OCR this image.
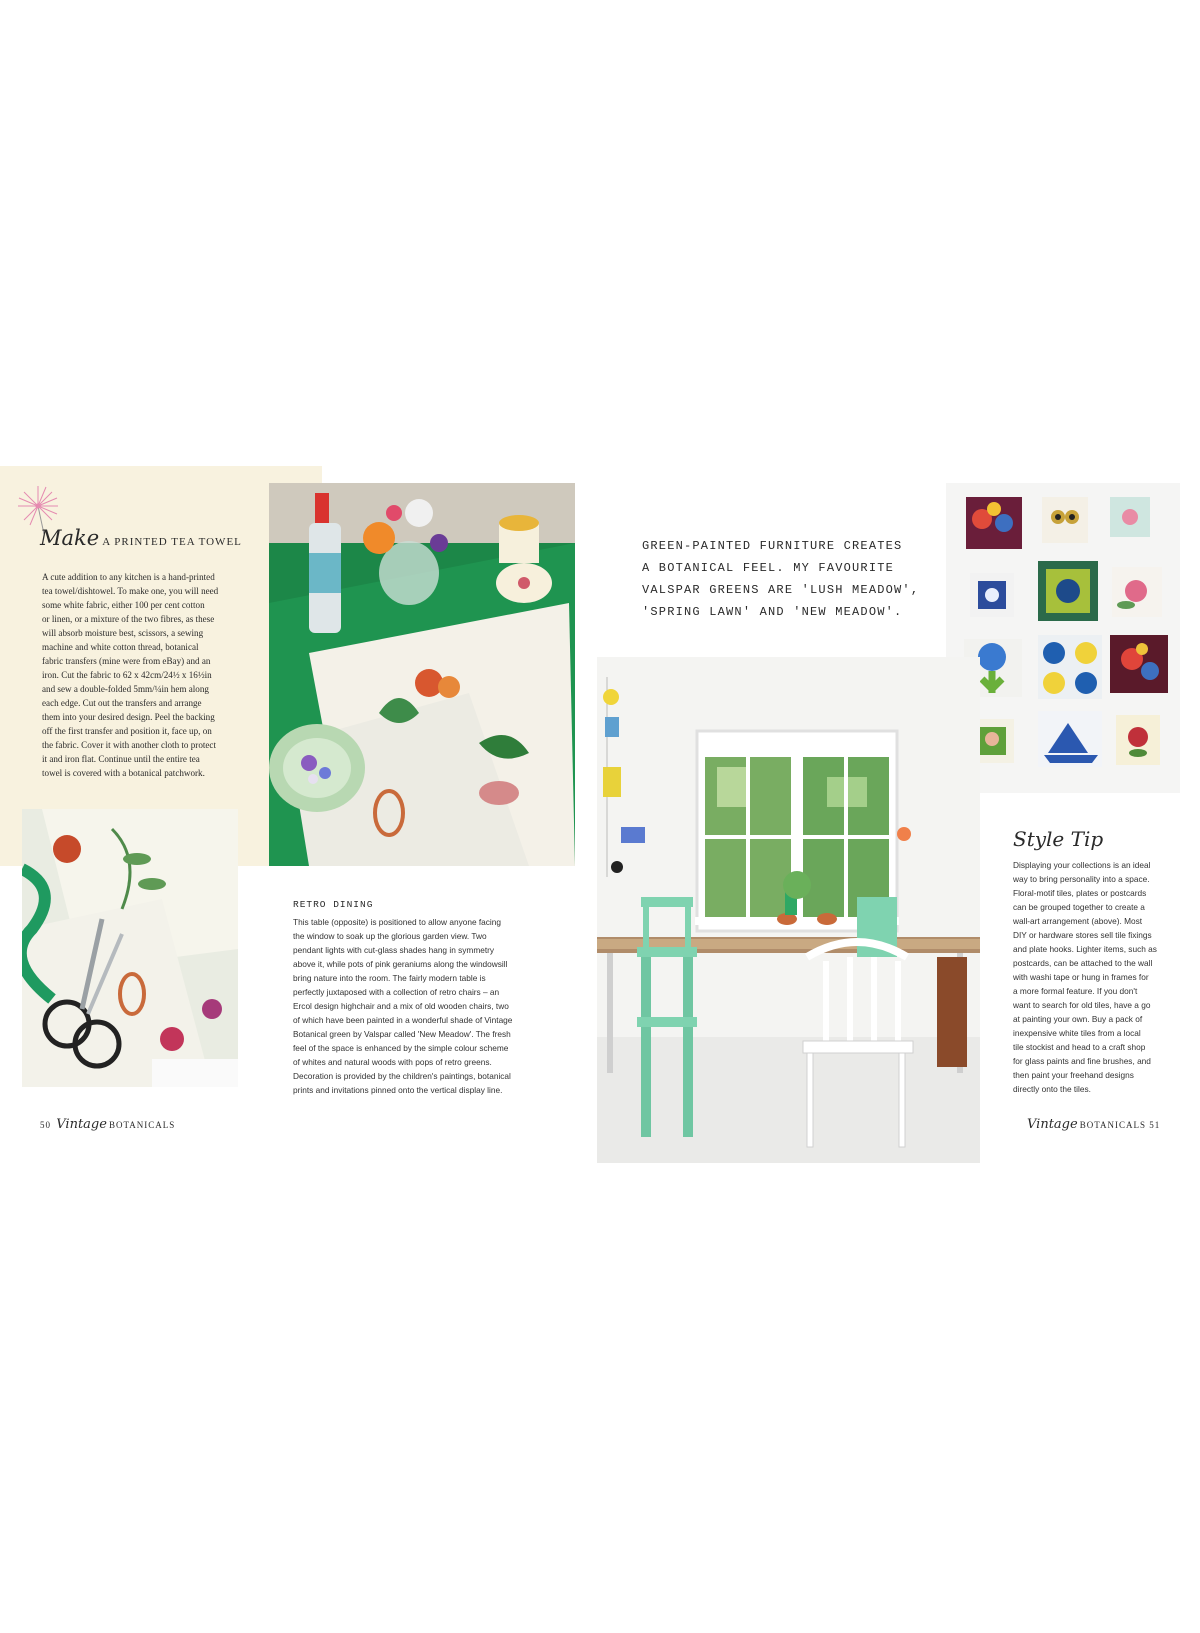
Make A PRINTED TEA TOWEL
A cute addition to any kitchen is a hand-printed
tea towel/dishtowel. To make one, you will need
some white fabric, either 100 per cent cotton
or linen, or a mixture of the two fibres, as these
will absorb moisture best, scissors, a sewing
machine and white cotton thread, botanical
fabric transfers (mine were from eBay) and an
iron. Cut the fabric to 62 x 42cm/24½ x 16½in
and sew a double-folded 5mm/¼in hem along
each edge. Cut out the transfers and arrange
them into your desired design. Peel the backing
off the first transfer and position it, face up, on
the fabric. Cover it with another cloth to protect
it and iron flat. Continue until the entire tea
towel is covered with a botanical patchwork.
RETRO DINING
This table (opposite) is positioned to allow anyone facing
the window to soak up the glorious garden view. Two
pendant lights with cut-glass shades hang in symmetry
above it, while pots of pink geraniums along the windowsill
bring nature into the room. The fairly modern table is
perfectly juxtaposed with a collection of retro chairs – an
Ercol design highchair and a mix of old wooden chairs, two
of which have been painted in a wonderful shade of Vintage
Botanical green by Valspar called 'New Meadow'. The fresh
feel of the space is enhanced by the simple colour scheme
of whites and natural woods with pops of retro greens.
Decoration is provided by the children's paintings, botanical
prints and invitations pinned onto the vertical display line.
50 Vintage BOTANICALS
GREEN-PAINTED FURNITURE CREATES
A BOTANICAL FEEL. MY FAVOURITE
VALSPAR GREENS ARE 'LUSH MEADOW',
'SPRING LAWN' AND 'NEW MEADOW'.
Style Tip
Displaying your collections is an ideal
way to bring personality into a space.
Floral-motif tiles, plates or postcards
can be grouped together to create a
wall-art arrangement (above). Most
DIY or hardware stores sell tile fixings
and plate hooks. Lighter items, such as
postcards, can be attached to the wall
with washi tape or hung in frames for
a more formal feature. If you don't
want to search for old tiles, have a go
at painting your own. Buy a pack of
inexpensive white tiles from a local
tile stockist and head to a craft shop
for glass paints and fine brushes, and
then paint your freehand designs
directly onto the tiles.
Vintage BOTANICALS 51
